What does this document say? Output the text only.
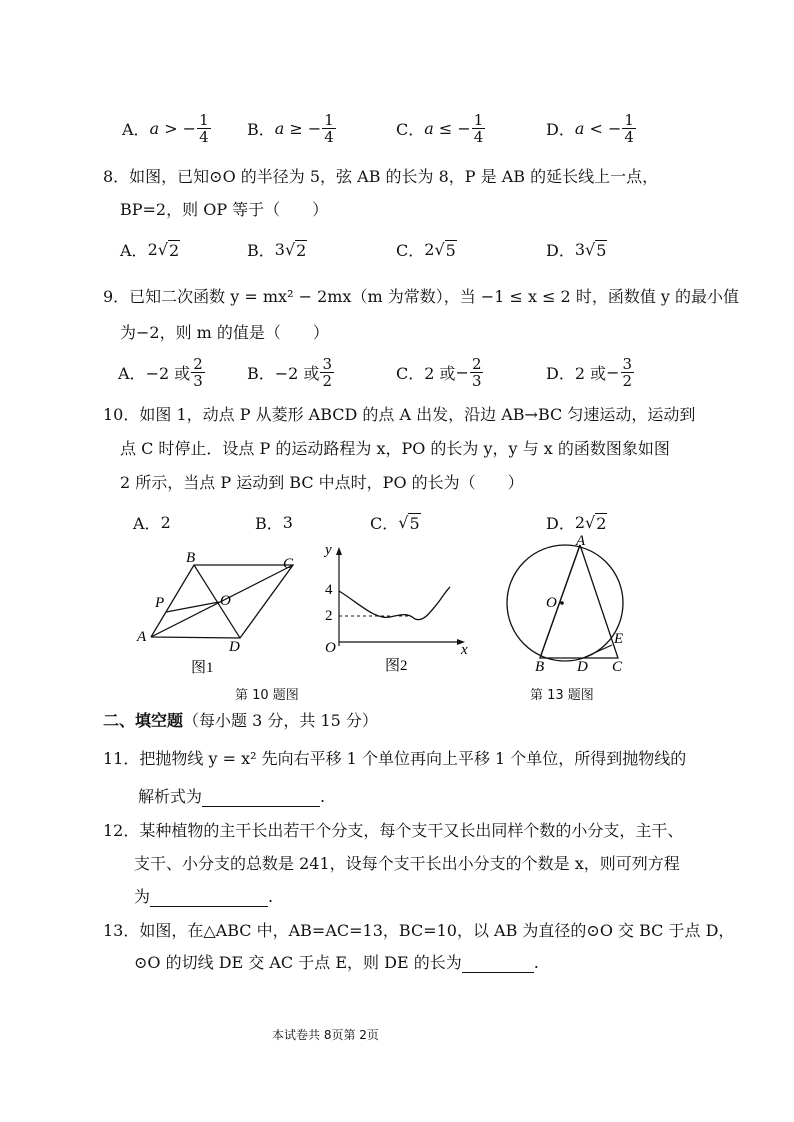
A． a > − $\frac{1}{4}$ B． a ≥ − $\frac{1}{4}$	C． a ≤ − $\frac{1}{4}$	D． a < − $\frac{1}{4}$
8．如图，已知⊙O 的半径为 5，弦 AB 的长为 8，P 是 AB 的延长线上一点，
BP=2，则 OP 等于（　　）
A． 2 √ 2	B． 3 √ 2	C． 2 √ 5	D． 3 √ 5
9．已知二次函数 y = mx² − 2mx（m 为常数），当 −1 ≤ x ≤ 2 时，函数值 y 的最小值
为−2，则 m 的值是（　　）
A． −2 或 $\frac{2}{3}$	B． −2 或 $\frac{3}{2}$	C． 2 或 − $\frac{2}{3}$	D． 2 或 − $\frac{3}{2}$
10．如图 1，动点 P 从菱形 ABCD 的点 A 出发，沿边 AB→BC 匀速运动，运动到
点 C 时停止．设点 P 的运动路程为 x，PO 的长为 y，y 与 x 的函数图象如图
2 所示，当点 P 运动到 BC 中点时，PO 的长为（　　）
A． 2	B． 3	C． √ 5	D． 2 √ 2
B	C
P	O
A
D
图1
y
4
2
O	x
图2
A
O
E
B D C
第 10 题图	第 13 题图
二、填空题（每小题 3 分，共 15 分）
11．把抛物线 y = x² 先向右平移 1 个单位再向上平移 1 个单位，所得到抛物线的
解析式为	.
12．某种植物的主干长出若干个分支，每个支干又长出同样个数的小分支，主干、
支干、小分支的总数是 241，设每个支干长出小分支的个数是 x，则可列方程
为	.
13．如图，在△ABC 中，AB=AC=13，BC=10，以 AB 为直径的⊙O 交 BC 于点 D，
⊙O 的切线 DE 交 AC 于点 E，则 DE 的长为	.
本试卷共 8页第 2页
